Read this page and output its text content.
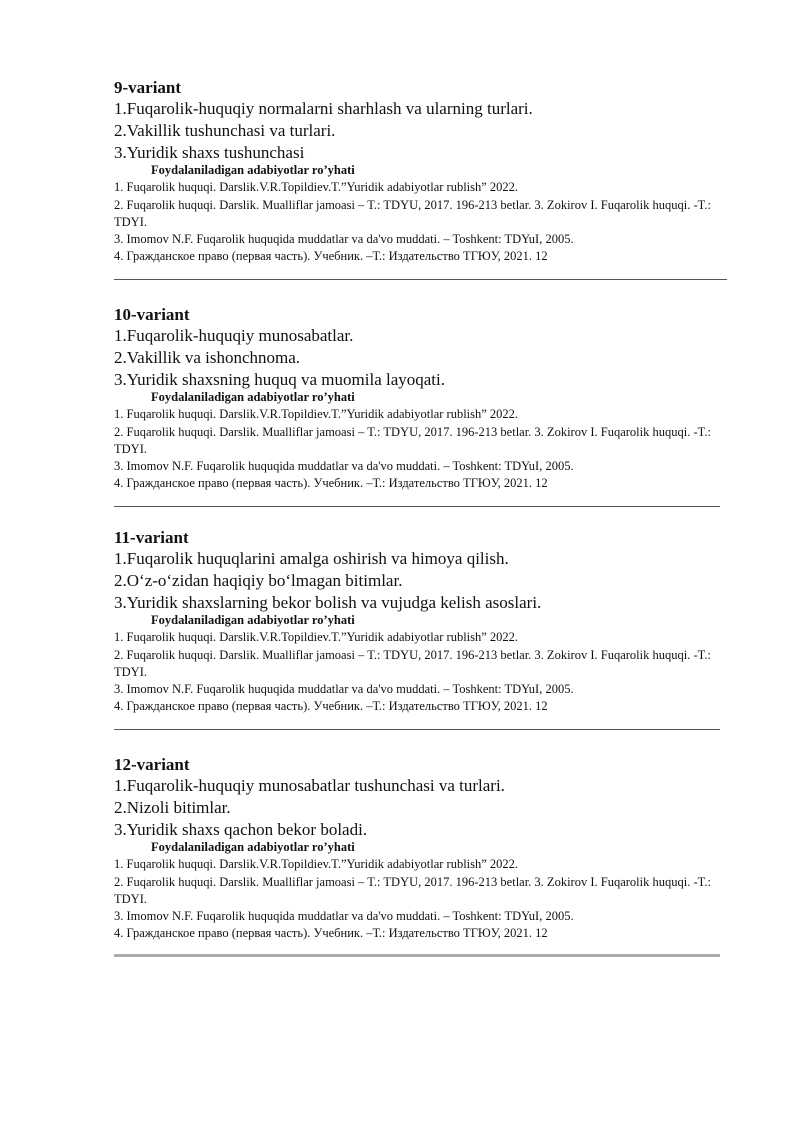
9-variant
1.Fuqarolik-huquqiy normalarni sharhlash va ularning turlari.
2.Vakillik tushunchasi va turlari.
3.Yuridik shaxs tushunchasi
Foydalaniladigan adabiyotlar ro’yhati
1. Fuqarolik huquqi. Darslik.V.R.Topildiev.T.”Yuridik adabiyotlar rublish” 2022.
2. Fuqarolik huquqi. Darslik. Mualliflar jamoasi – T.: TDYU, 2017. 196-213 betlar. 3. Zokirov I. Fuqarolik huquqi. -T.: TDYI.
3. Imomov N.F. Fuqarolik huquqida muddatlar va da'vo muddati. – Toshkent: TDYuI, 2005.
4. Гражданское право (первая часть). Учебник. –Т.: Издательство ТГЮУ, 2021. 12
10-variant
1.Fuqarolik-huquqiy munosabatlar.
2.Vakillik va ishonchnoma.
3.Yuridik shaxsning huquq va muomila layoqati.
Foydalaniladigan adabiyotlar ro’yhati
1. Fuqarolik huquqi. Darslik.V.R.Topildiev.T.”Yuridik adabiyotlar rublish” 2022.
2. Fuqarolik huquqi. Darslik. Mualliflar jamoasi – T.: TDYU, 2017. 196-213 betlar. 3. Zokirov I. Fuqarolik huquqi. -T.: TDYI.
3. Imomov N.F. Fuqarolik huquqida muddatlar va da'vo muddati. – Toshkent: TDYuI, 2005.
4. Гражданское право (первая часть). Учебник. –Т.: Издательство ТГЮУ, 2021. 12
11-variant
1.Fuqarolik huquqlarini amalga oshirish va himoya qilish.
2.O‘z-o‘zidan haqiqiy bo‘lmagan bitimlar.
3.Yuridik shaxslarning bekor bolish va vujudga kelish asoslari.
Foydalaniladigan adabiyotlar ro’yhati
1. Fuqarolik huquqi. Darslik.V.R.Topildiev.T.”Yuridik adabiyotlar rublish” 2022.
2. Fuqarolik huquqi. Darslik. Mualliflar jamoasi – T.: TDYU, 2017. 196-213 betlar. 3. Zokirov I. Fuqarolik huquqi. -T.: TDYI.
3. Imomov N.F. Fuqarolik huquqida muddatlar va da'vo muddati. – Toshkent: TDYuI, 2005.
4. Гражданское право (первая часть). Учебник. –Т.: Издательство ТГЮУ, 2021. 12
12-variant
1.Fuqarolik-huquqiy munosabatlar tushunchasi va turlari.
2.Nizoli bitimlar.
3.Yuridik shaxs qachon bekor boladi.
Foydalaniladigan adabiyotlar ro’yhati
1. Fuqarolik huquqi. Darslik.V.R.Topildiev.T.”Yuridik adabiyotlar rublish” 2022.
2. Fuqarolik huquqi. Darslik. Mualliflar jamoasi – T.: TDYU, 2017. 196-213 betlar. 3. Zokirov I. Fuqarolik huquqi. -T.: TDYI.
3. Imomov N.F. Fuqarolik huquqida muddatlar va da'vo muddati. – Toshkent: TDYuI, 2005.
4. Гражданское право (первая часть). Учебник. –Т.: Издательство ТГЮУ, 2021. 12
